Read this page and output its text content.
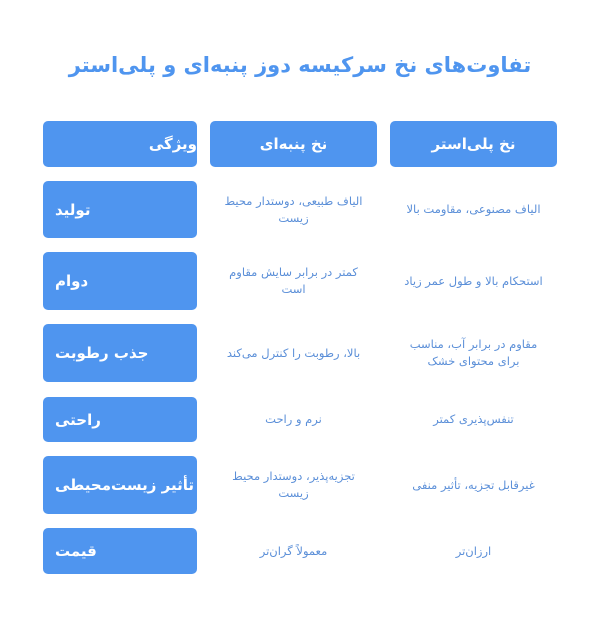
تفاوت‌های نخ سرکیسه دوز پنبه‌ای و پلی‌استر
نخ پلی‌استر
نخ پنبه‌ای
ویژگی
الیاف مصنوعی، مقاومت بالا
الیاف طبیعی، دوستدار محیط زیست
تولید
استحکام بالا و طول عمر زیاد
کمتر در برابر سایش مقاوم است
دوام
مقاوم در برابر آب، مناسب برای محتوای خشک
بالا، رطوبت را کنترل می‌کند
جذب رطوبت
تنفس‌پذیری کمتر
نرم و راحت
راحتی
غیرقابل تجزیه، تأثیر منفی
تجزیه‌پذیر، دوستدار محیط زیست
تأثیر زیست‌محیطی
ارزان‌تر
معمولاً گران‌تر
قیمت
